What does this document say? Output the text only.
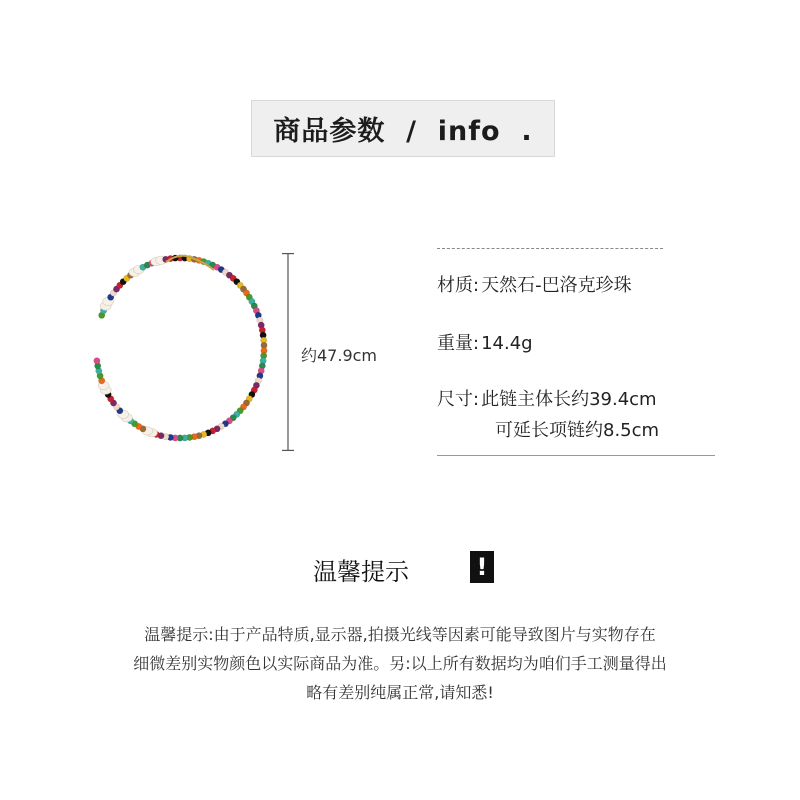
商品参数  /  info  .
约47.9cm
材质: 天然石-巴洛克珍珠
重量: 14.4g
尺寸: 此链主体长约39.4cm
可延长项链约8.5cm
温馨提示	!
温馨提示:由于产品特质,显示器,拍摄光线等因素可能导致图片与实物存在
细微差别实物颜色以实际商品为准。另:以上所有数据均为咱们手工测量得出
略有差别纯属正常,请知悉!
